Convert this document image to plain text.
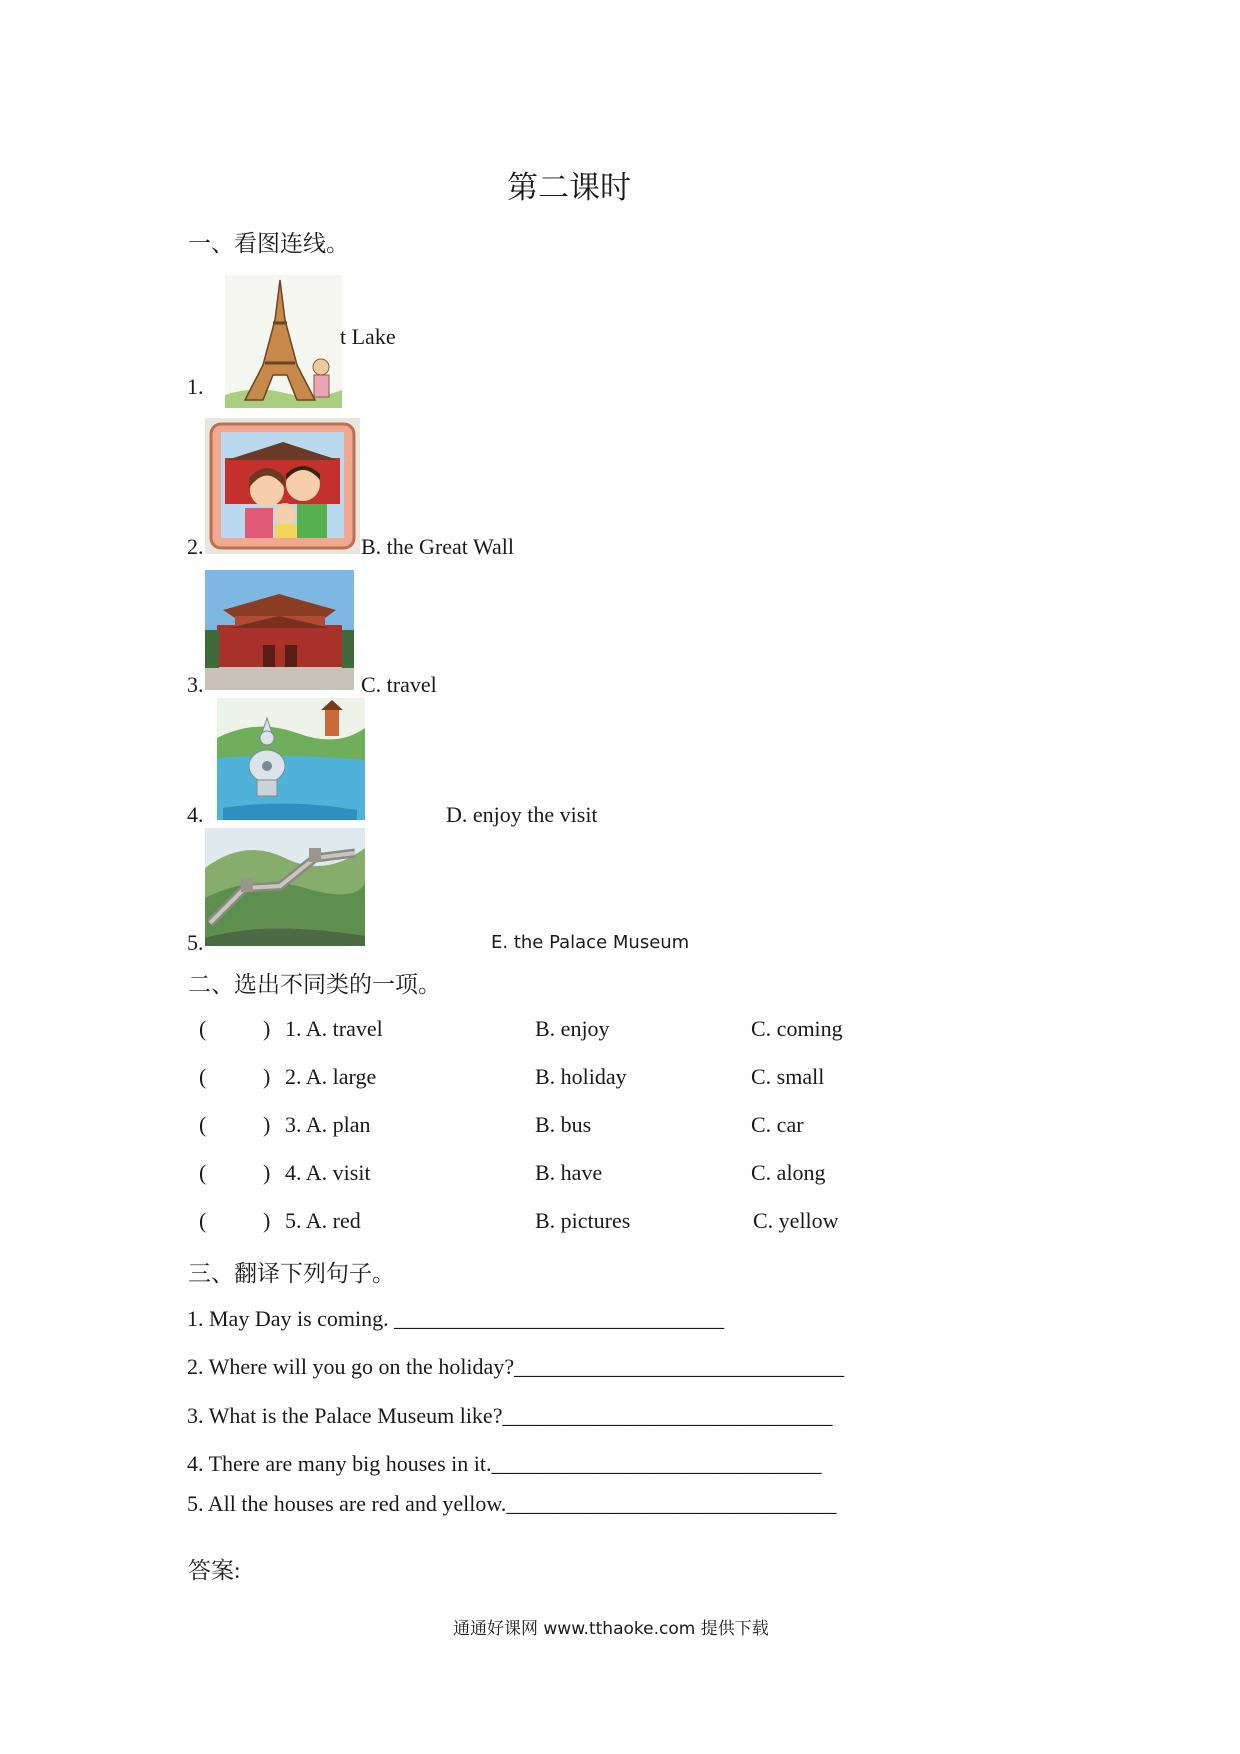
第二课时
一、看图连线。
1.
t Lake
2.	B. the Great Wall
3.	C. travel
4.	D. enjoy the visit
5.	E. the Palace Museum
二、选出不同类的一项。
(	) 1. A. travel	B. enjoy	C. coming
(	) 2. A. large	B. holiday	C. small
(	) 3. A. plan	B. bus	C. car
(	) 4. A. visit	B. have	C. along
(	) 5. A. red	B. pictures	C. yellow
三、翻译下列句子。
1. May Day is coming. ______________________________
2. Where will you go on the holiday?______________________________
3. What is the Palace Museum like?______________________________
4. There are many big houses in it.______________________________
5. All the houses are red and yellow.______________________________
答案:
通通好课网 www.tthaoke.com 提供下载
